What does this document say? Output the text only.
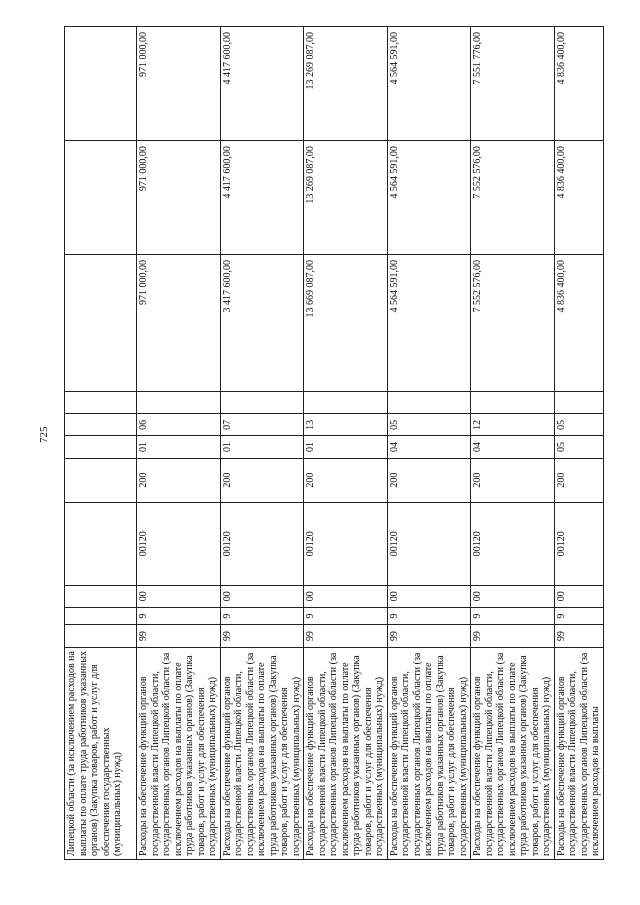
725
Липецкой области (за исключением расходов на выплаты по оплате труда работников указанных органов) (Закупка товаров, работ и услуг для обеспечения государственных (муниципальных) нужд)											
Расходы на обеспечение функций органов государственной власти Липецкой области, государственных органов Липецкой области (за исключением расходов на выплаты по оплате труда работников указанных органов) (Закупка товаров, работ и услуг для обеспечения государственных (муниципальных) нужд)	99	9	00	00120	200	01	06		971 000,00	971 000,00	971 000,00
Расходы на обеспечение функций органов государственной власти Липецкой области, государственных органов Липецкой области (за исключением расходов на выплаты по оплате труда работников указанных органов) (Закупка товаров, работ и услуг для обеспечения государственных (муниципальных) нужд)	99	9	00	00120	200	01	07		3 417 600,00	4 417 600,00	4 417 600,00
Расходы на обеспечение функций органов государственной власти Липецкой области, государственных органов Липецкой области (за исключением расходов на выплаты по оплате труда работников указанных органов) (Закупка товаров, работ и услуг для обеспечения государственных (муниципальных) нужд)	99	9	00	00120	200	01	13		13 669 087,00	13 269 087,00	13 269 087,00
Расходы на обеспечение функций органов государственной власти Липецкой области, государственных органов Липецкой области (за исключением расходов на выплаты по оплате труда работников указанных органов) (Закупка товаров, работ и услуг для обеспечения государственных (муниципальных) нужд)	99	9	00	00120	200	04	05		4 564 591,00	4 564 591,00	4 564 591,00
Расходы на обеспечение функций органов государственной власти Липецкой области, государственных органов Липецкой области (за исключением расходов на выплаты по оплате труда работников указанных органов) (Закупка товаров, работ и услуг для обеспечения государственных (муниципальных) нужд)	99	9	00	00120	200	04	12		7 552 576,00	7 552 576,00	7 551 776,00
Расходы на обеспечение функций органов государственной власти Липецкой области, государственных органов Липецкой области (за исключением расходов на выплаты	99	9	00	00120	200	05	05		4 836 400,00	4 836 400,00	4 836 400,00
